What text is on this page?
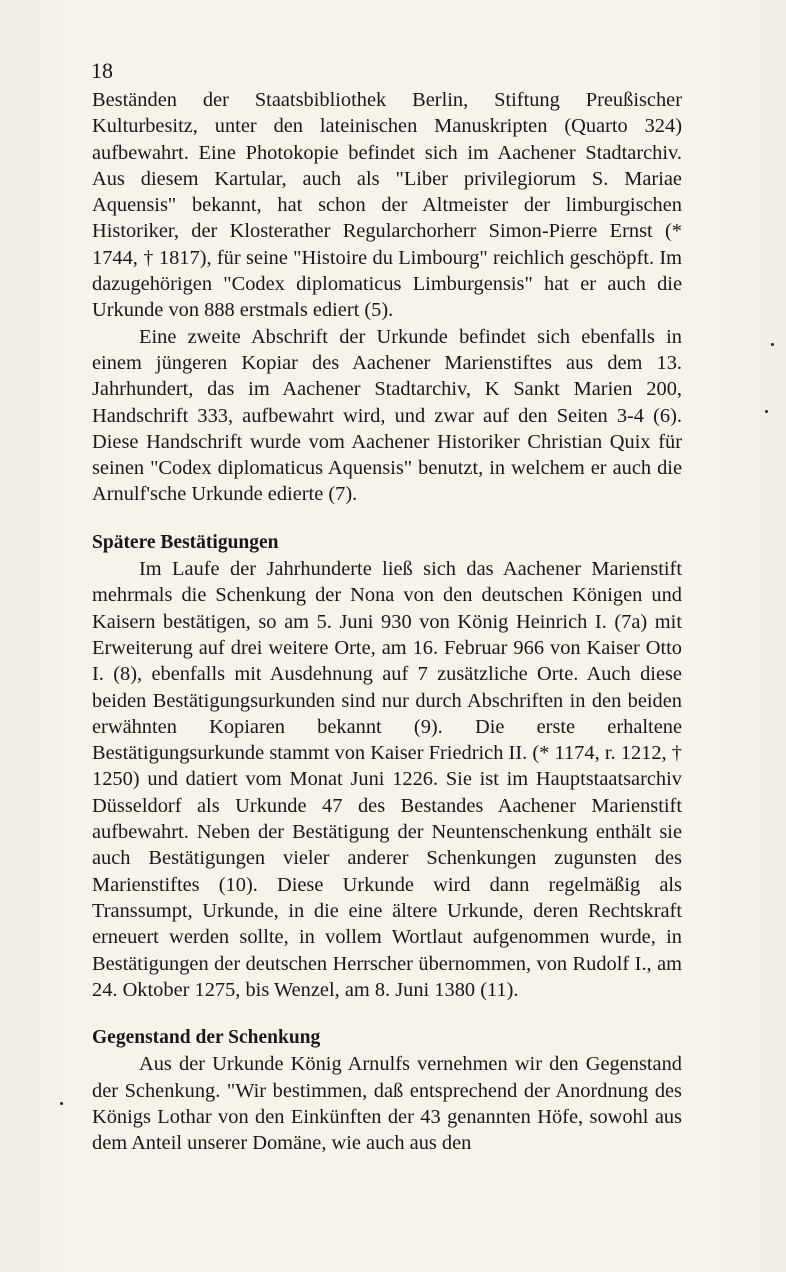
18

Beständen der Staatsbibliothek Berlin, Stiftung Preußischer Kulturbesitz, unter den lateinischen Manuskripten (Quarto 324) aufbewahrt. Eine Photokopie befindet sich im Aachener Stadtarchiv. Aus diesem Kartular, auch als "Liber privilegiorum S. Mariae Aquensis" bekannt, hat schon der Altmeister der limburgischen Historiker, der Klosterather Regularchorherr Simon-Pierre Ernst (* 1744, † 1817), für seine "Histoire du Limbourg" reichlich geschöpft. Im dazugehörigen "Codex diplomaticus Limburgensis" hat er auch die Urkunde von 888 erstmals ediert (5).

Eine zweite Abschrift der Urkunde befindet sich ebenfalls in einem jüngeren Kopiar des Aachener Marienstiftes aus dem 13. Jahrhundert, das im Aachener Stadtarchiv, K Sankt Marien 200, Handschrift 333, aufbewahrt wird, und zwar auf den Seiten 3-4 (6). Diese Handschrift wurde vom Aachener Historiker Christian Quix für seinen "Codex diplomaticus Aquensis" benutzt, in welchem er auch die Arnulf'sche Urkunde edierte (7).

Spätere Bestätigungen

Im Laufe der Jahrhunderte ließ sich das Aachener Marienstift mehrmals die Schenkung der Nona von den deutschen Königen und Kaisern bestätigen, so am 5. Juni 930 von König Heinrich I. (7a) mit Erweiterung auf drei weitere Orte, am 16. Februar 966 von Kaiser Otto I. (8), ebenfalls mit Ausdehnung auf 7 zusätzliche Orte. Auch diese beiden Bestätigungsurkunden sind nur durch Abschriften in den beiden erwähnten Kopiaren bekannt (9). Die erste erhaltene Bestätigungsurkunde stammt von Kaiser Friedrich II. (* 1174, r. 1212, † 1250) und datiert vom Monat Juni 1226. Sie ist im Hauptstaatsarchiv Düsseldorf als Urkunde 47 des Bestandes Aachener Marienstift aufbewahrt. Neben der Bestätigung der Neuntenschenkung enthält sie auch Bestätigungen vieler anderer Schenkungen zugunsten des Marienstiftes (10). Diese Urkunde wird dann regelmäßig als Transsumpt, Urkunde, in die eine ältere Urkunde, deren Rechtskraft erneuert werden sollte, in vollem Wortlaut aufgenommen wurde, in Bestätigungen der deutschen Herrscher übernommen, von Rudolf I., am 24. Oktober 1275, bis Wenzel, am 8. Juni 1380 (11).

Gegenstand der Schenkung

Aus der Urkunde König Arnulfs vernehmen wir den Gegenstand der Schenkung. "Wir bestimmen, daß entsprechend der Anordnung des Königs Lothar von den Einkünften der 43 genannten Höfe, sowohl aus dem Anteil unserer Domäne, wie auch aus den
